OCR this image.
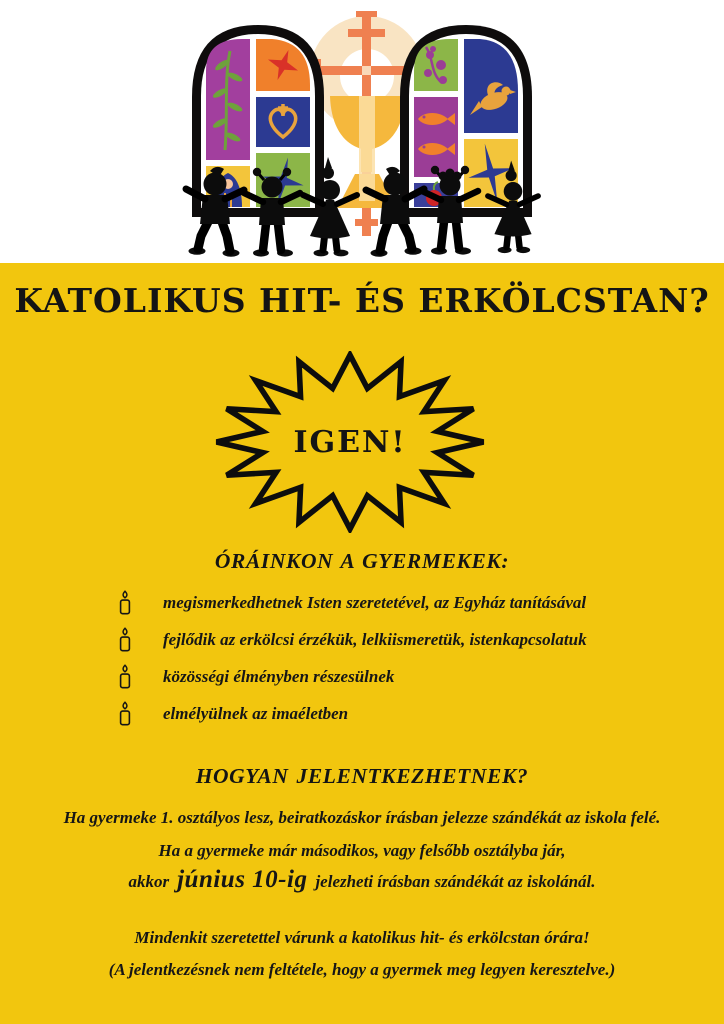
KATOLIKUS HIT- ÉS ERKÖLCSTAN?
IGEN!
ÓRÁINKON A GYERMEKEK:
megismerkedhetnek Isten szeretetével, az Egyház tanításával
fejlődik az erkölcsi érzékük, lelkiismeretük, istenkapcsolatuk
közösségi élményben részesülnek
elmélyülnek az imaéletben
HOGYAN JELENTKEZHETNEK?
Ha gyermeke 1. osztályos lesz, beiratkozáskor írásban jelezze szándékát az iskola felé.
Ha a gyermeke már másodikos, vagy felsőbb osztályba jár,
akkor június 10-ig jelezheti írásban szándékát az iskolánál.
Mindenkit szeretettel várunk a katolikus hit- és erkölcstan órára!
(A jelentkezésnek nem feltétele, hogy a gyermek meg legyen keresztelve.)
